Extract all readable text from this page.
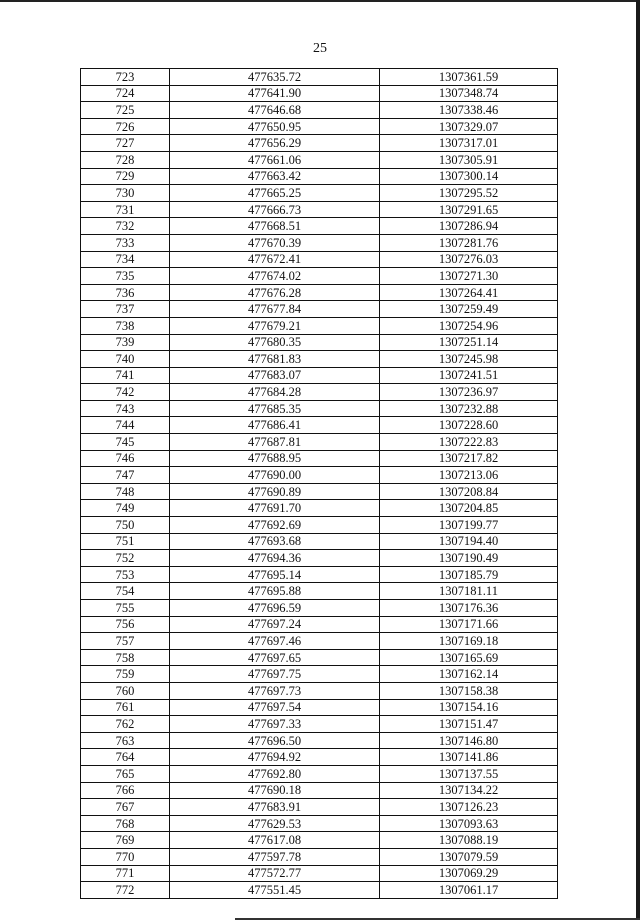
25
723	477635.72	1307361.59
724	477641.90	1307348.74
725	477646.68	1307338.46
726	477650.95	1307329.07
727	477656.29	1307317.01
728	477661.06	1307305.91
729	477663.42	1307300.14
730	477665.25	1307295.52
731	477666.73	1307291.65
732	477668.51	1307286.94
733	477670.39	1307281.76
734	477672.41	1307276.03
735	477674.02	1307271.30
736	477676.28	1307264.41
737	477677.84	1307259.49
738	477679.21	1307254.96
739	477680.35	1307251.14
740	477681.83	1307245.98
741	477683.07	1307241.51
742	477684.28	1307236.97
743	477685.35	1307232.88
744	477686.41	1307228.60
745	477687.81	1307222.83
746	477688.95	1307217.82
747	477690.00	1307213.06
748	477690.89	1307208.84
749	477691.70	1307204.85
750	477692.69	1307199.77
751	477693.68	1307194.40
752	477694.36	1307190.49
753	477695.14	1307185.79
754	477695.88	1307181.11
755	477696.59	1307176.36
756	477697.24	1307171.66
757	477697.46	1307169.18
758	477697.65	1307165.69
759	477697.75	1307162.14
760	477697.73	1307158.38
761	477697.54	1307154.16
762	477697.33	1307151.47
763	477696.50	1307146.80
764	477694.92	1307141.86
765	477692.80	1307137.55
766	477690.18	1307134.22
767	477683.91	1307126.23
768	477629.53	1307093.63
769	477617.08	1307088.19
770	477597.78	1307079.59
771	477572.77	1307069.29
772	477551.45	1307061.17
